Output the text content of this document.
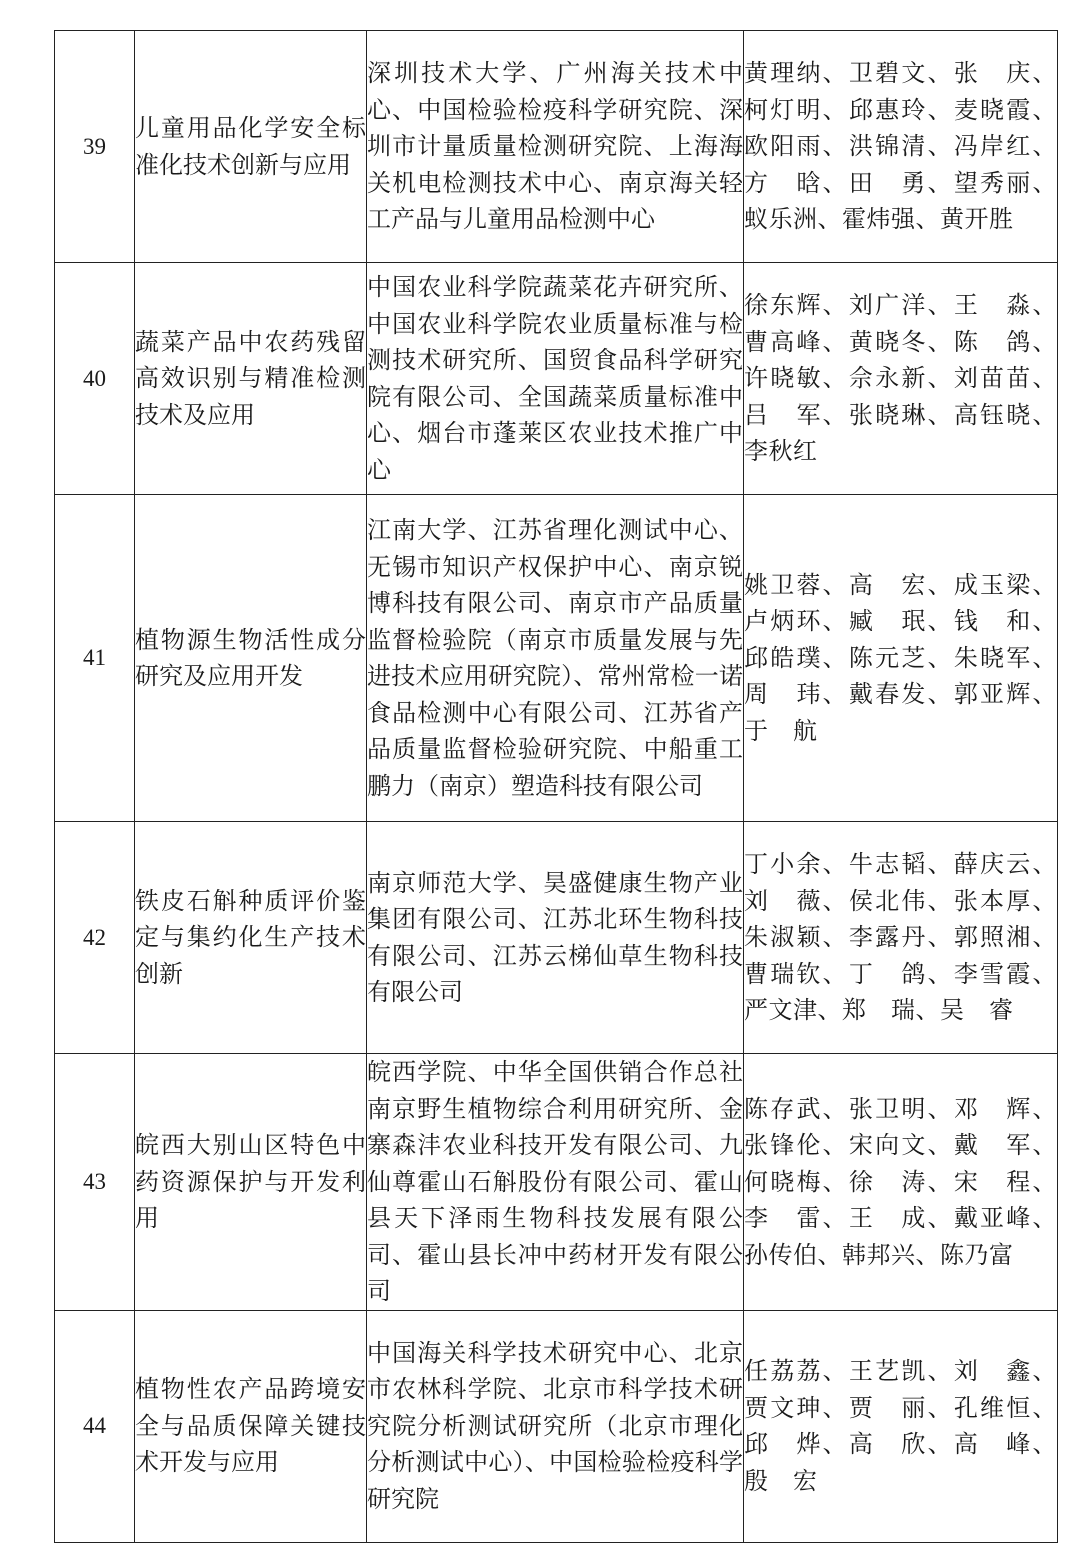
39	儿童用品化学安全标准化技术创新与应用	深圳技术大学、广州海关技术中心、中国检验检疫科学研究院、深圳市计量质量检测研究院、上海海关机电检测技术中心、南京海关轻工产品与儿童用品检测中心	黄理纳、卫碧文、张　庆、柯灯明、邱惠玲、麦晓霞、欧阳雨、洪锦清、冯岸红、方　晗、田　勇、望秀丽、蚁乐洲、霍炜强、黄开胜

40	蔬菜产品中农药残留高效识别与精准检测技术及应用	中国农业科学院蔬菜花卉研究所、中国农业科学院农业质量标准与检测技术研究所、国贸食品科学研究院有限公司、全国蔬菜质量标准中心、烟台市蓬莱区农业技术推广中心	徐东辉、刘广洋、王　淼、曹高峰、黄晓冬、陈　鸽、许晓敏、佘永新、刘苗苗、吕　军、张晓琳、高钰晓、李秋红

41	植物源生物活性成分研究及应用开发	江南大学、江苏省理化测试中心、无锡市知识产权保护中心、南京锐博科技有限公司、南京市产品质量监督检验院（南京市质量发展与先进技术应用研究院）、常州常检一诺食品检测中心有限公司、江苏省产品质量监督检验研究院、中船重工鹏力（南京）塑造科技有限公司	姚卫蓉、高　宏、成玉梁、卢炳环、臧　珉、钱　和、邱皓璞、陈元芝、朱晓军、周　玮、戴春发、郭亚辉、于　航

42	铁皮石斛种质评价鉴定与集约化生产技术创新	南京师范大学、昊盛健康生物产业集团有限公司、江苏北环生物科技有限公司、江苏云梯仙草生物科技有限公司	丁小余、牛志韬、薛庆云、刘　薇、侯北伟、张本厚、朱淑颖、李露丹、郭照湘、曹瑞钦、丁　鸽、李雪霞、严文津、郑　瑞、吴　睿

43	皖西大别山区特色中药资源保护与开发利用	皖西学院、中华全国供销合作总社南京野生植物综合利用研究所、金寨森沣农业科技开发有限公司、九仙尊霍山石斛股份有限公司、霍山县天下泽雨生物科技发展有限公司、霍山县长冲中药材开发有限公司	陈存武、张卫明、邓　辉、张锋伦、宋向文、戴　军、何晓梅、徐　涛、宋　程、李　雷、王　成、戴亚峰、孙传伯、韩邦兴、陈乃富

44	植物性农产品跨境安全与品质保障关键技术开发与应用	中国海关科学技术研究中心、北京市农林科学院、北京市科学技术研究院分析测试研究所（北京市理化分析测试中心）、中国检验检疫科学研究院	任荔荔、王艺凯、刘　鑫、贾文珅、贾　丽、孔维恒、邱　烨、高　欣、高　峰、殷　宏
